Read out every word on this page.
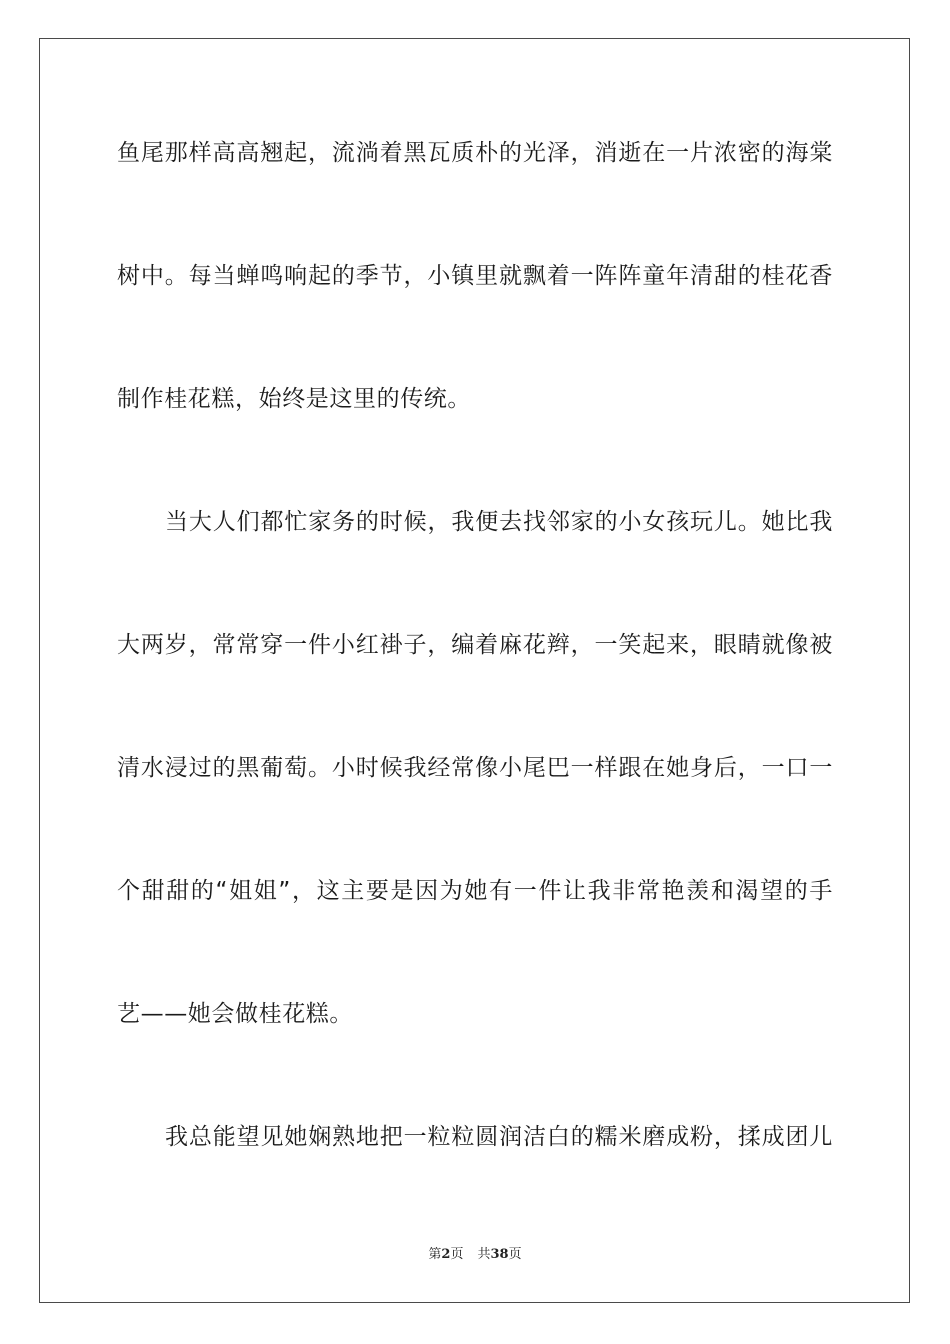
鱼尾那样高高翘起，流淌着黑瓦质朴的光泽，消逝在一片浓密的海棠
树中。每当蝉鸣响起的季节，小镇里就飘着一阵阵童年清甜的桂花香
制作桂花糕，始终是这里的传统。
当大人们都忙家务的时候，我便去找邻家的小女孩玩儿。她比我
大两岁，常常穿一件小红褂子，编着麻花辫，一笑起来，眼睛就像被
清水浸过的黑葡萄。小时候我经常像小尾巴一样跟在她身后，一口一
个甜甜的“姐姐”，这主要是因为她有一件让我非常艳羡和渴望的手
艺——她会做桂花糕。
我总能望见她娴熟地把一粒粒圆润洁白的糯米磨成粉，揉成团儿
第2页 共38页
